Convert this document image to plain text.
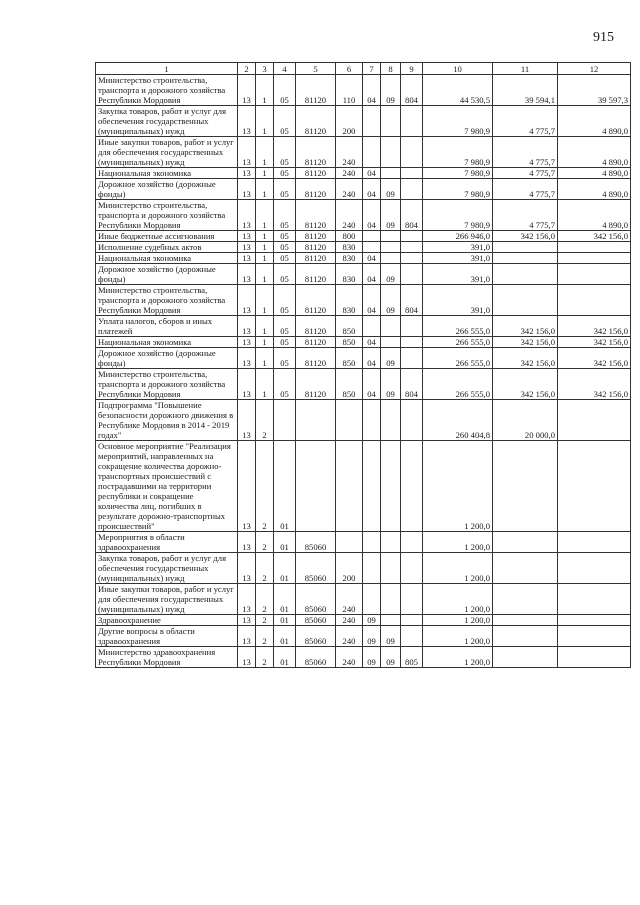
915
1	2	3	4	5	6	7	8	9	10	11	12
Министерство строительства, транспорта и дорожного хозяйства Республики Мордовия	13	1	05	81120	110	04	09	804	44 530,5	39 594,1	39 597,3
Закупка товаров, работ и услуг для обеспечения государственных (муниципальных) нужд	13	1	05	81120	200				7 980,9	4 775,7	4 890,0
Иные закупки товаров, работ и услуг для обеспечения государственных (муниципальных) нужд	13	1	05	81120	240				7 980,9	4 775,7	4 890,0
Национальная экономика	13	1	05	81120	240	04			7 980,9	4 775,7	4 890,0
Дорожное хозяйство (дорожные фонды)	13	1	05	81120	240	04	09		7 980,9	4 775,7	4 890,0
Министерство строительства, транспорта и дорожного хозяйства Республики Мордовия	13	1	05	81120	240	04	09	804	7 980,9	4 775,7	4 890,0
Иные бюджетные ассигнования	13	1	05	81120	800				266 946,0	342 156,0	342 156,0
Исполнение судебных актов	13	1	05	81120	830				391,0		
Национальная экономика	13	1	05	81120	830	04			391,0		
Дорожное хозяйство (дорожные фонды)	13	1	05	81120	830	04	09		391,0		
Министерство строительства, транспорта и дорожного хозяйства Республики Мордовия	13	1	05	81120	830	04	09	804	391,0		
Уплата налогов, сборов и иных платежей	13	1	05	81120	850				266 555,0	342 156,0	342 156,0
Национальная экономика	13	1	05	81120	850	04			266 555,0	342 156,0	342 156,0
Дорожное хозяйство (дорожные фонды)	13	1	05	81120	850	04	09		266 555,0	342 156,0	342 156,0
Министерство строительства, транспорта и дорожного хозяйства Республики Мордовия	13	1	05	81120	850	04	09	804	266 555,0	342 156,0	342 156,0
Подпрограмма "Повышение безопасности дорожного движения в Республике Мордовия в 2014 - 2019 годах"	13	2							260 404,8	20 000,0	
Основное мероприятие "Реализация мероприятий, направленных на сокращение количества дорожно-транспортных происшествий с пострадавшими на территории республики и сокращение количества лиц, погибших в результате дорожно-транспортных происшествий"	13	2	01						1 200,0		
Мероприятия в области здравоохранения	13	2	01	85060					1 200,0		
Закупка товаров, работ и услуг для обеспечения государственных (муниципальных) нужд	13	2	01	85060	200				1 200,0		
Иные закупки товаров, работ и услуг для обеспечения государственных (муниципальных) нужд	13	2	01	85060	240				1 200,0		
Здравоохранение	13	2	01	85060	240	09			1 200,0		
Другие вопросы в области здравоохранения	13	2	01	85060	240	09	09		1 200,0		
Министерство здравоохранения Республики Мордовия	13	2	01	85060	240	09	09	805	1 200,0		
